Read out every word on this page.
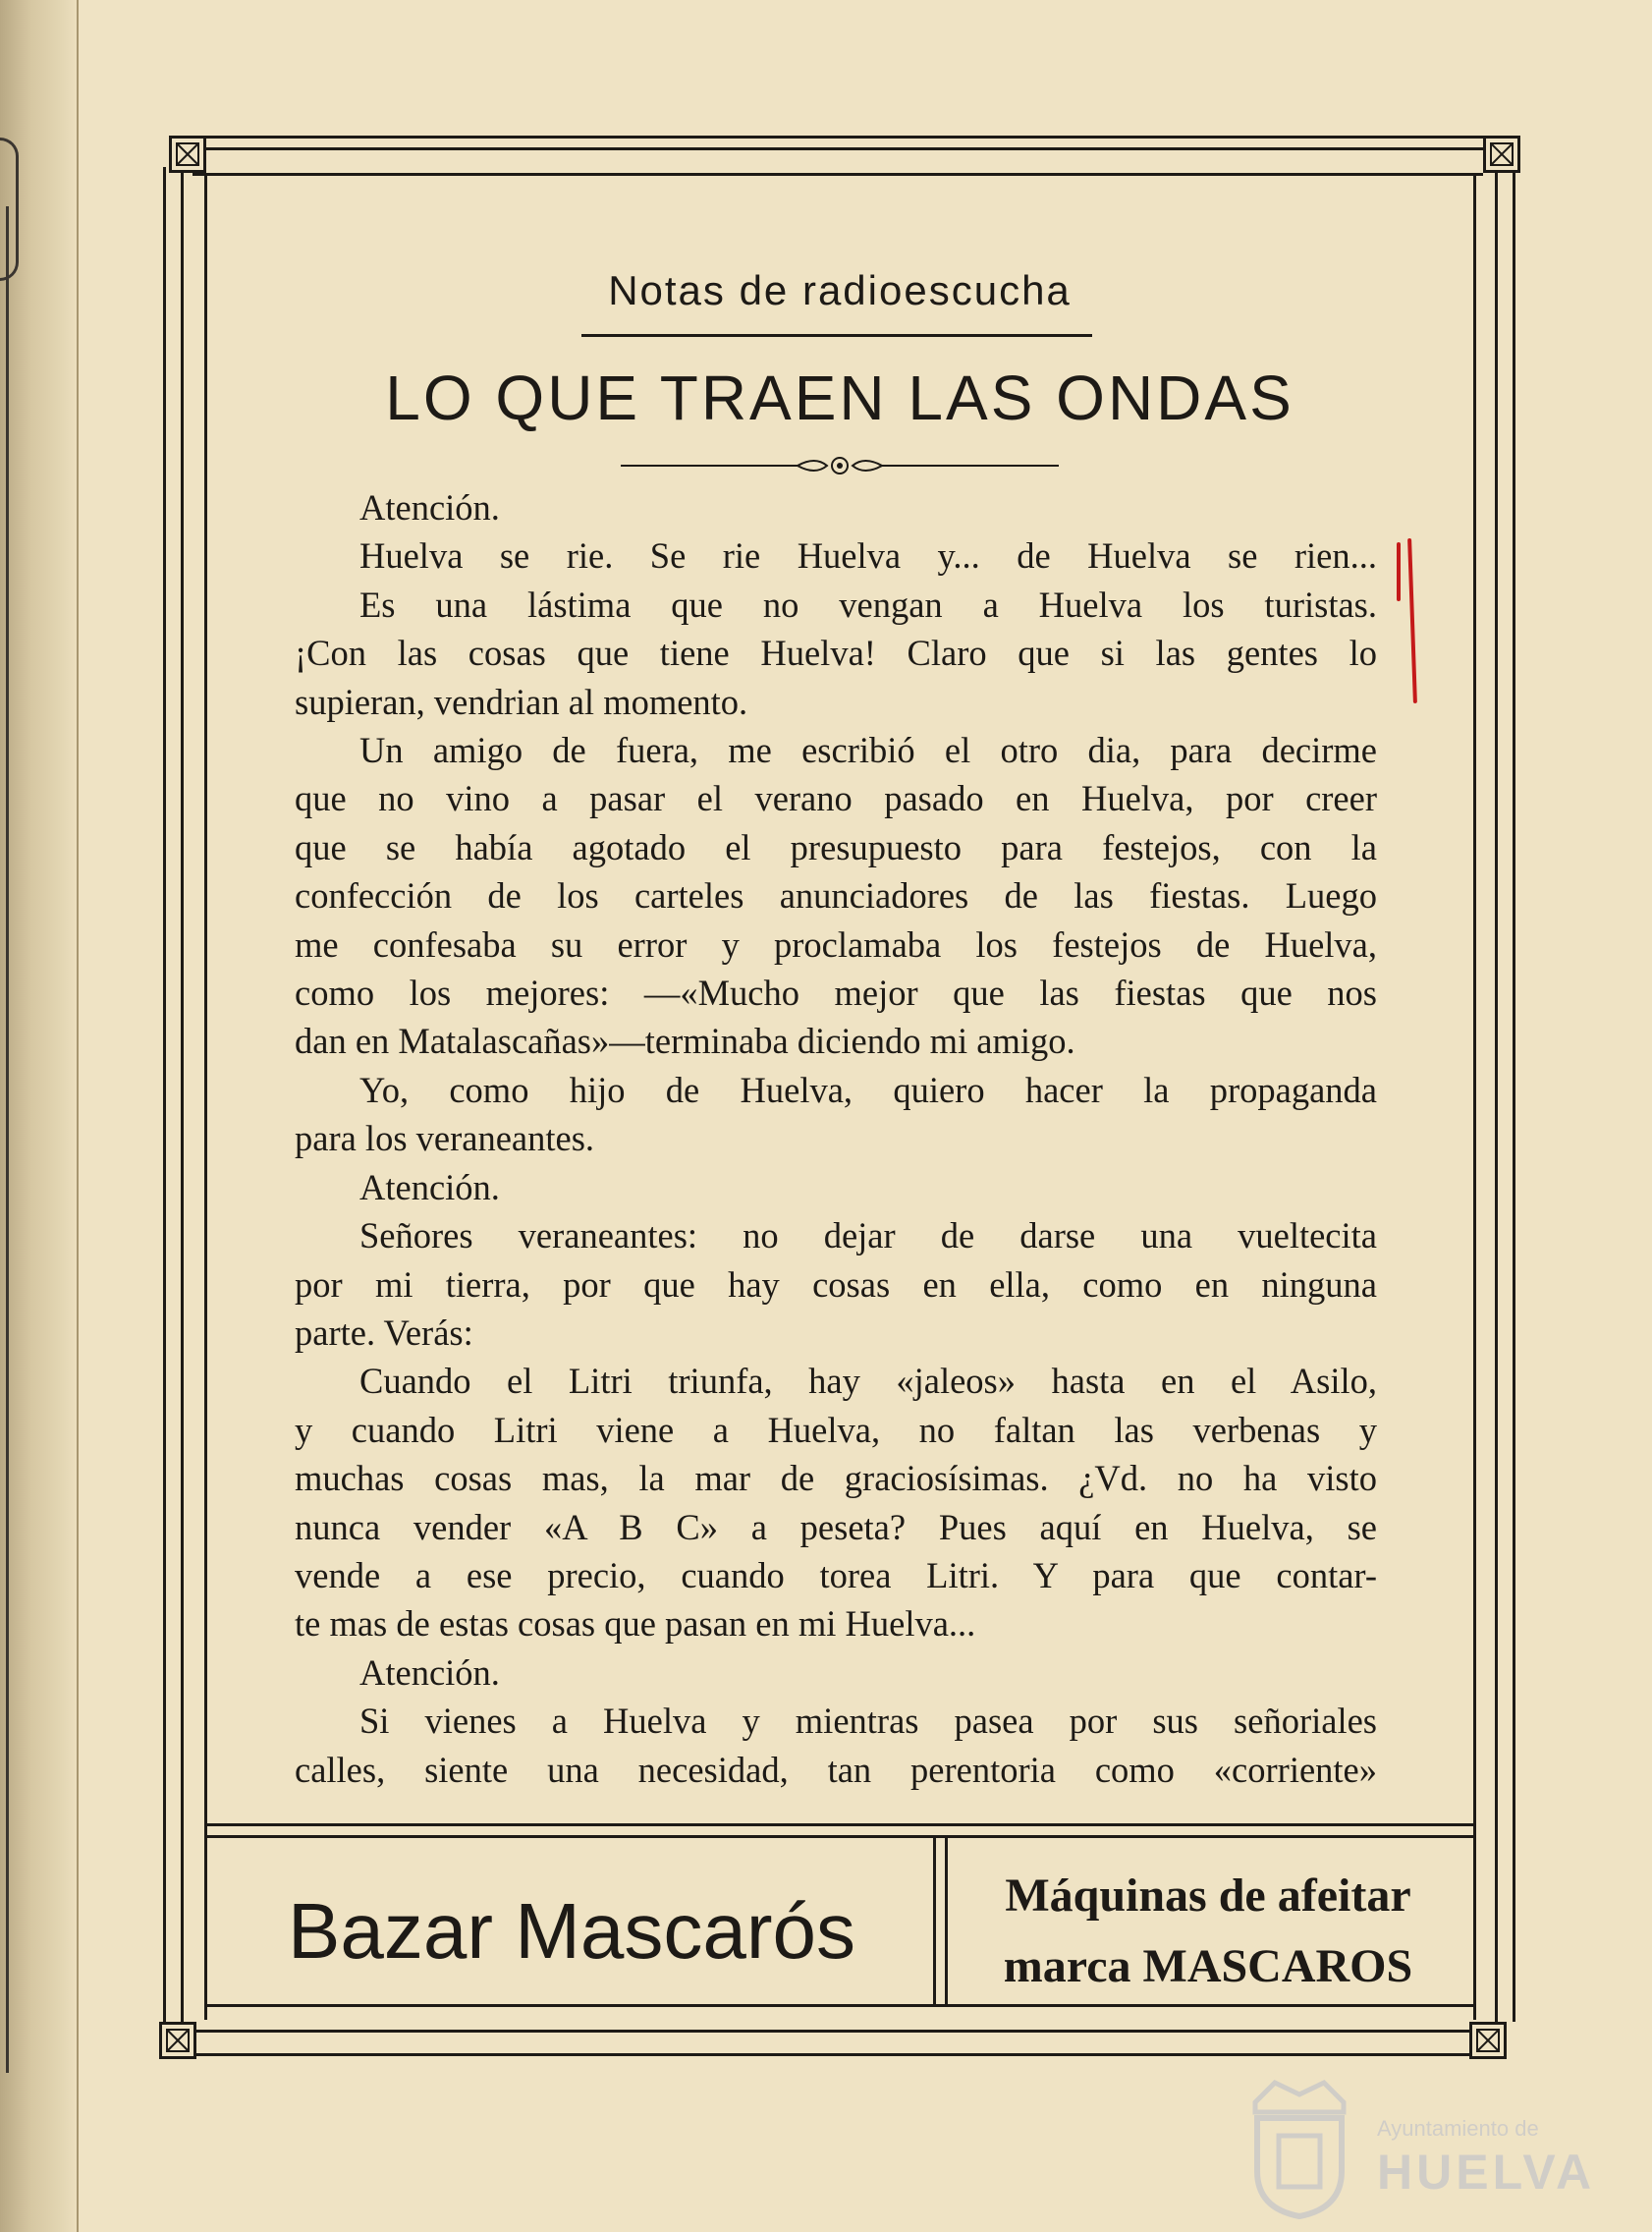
Notas de radioescucha
LO QUE TRAEN LAS ONDAS
Atención.
Huelva se rie. Se rie Huelva y... de Huelva se rien...
Es una lástima que no vengan a Huelva los turistas.
¡Con las cosas que tiene Huelva! Claro que si las gentes lo
supieran, vendrian al momento.
Un amigo de fuera, me escribió el otro dia, para decirme
que no vino a pasar el verano pasado en Huelva, por creer
que se había agotado el presupuesto para festejos, con la
confección de los carteles anunciadores de las fiestas. Luego
me confesaba su error y proclamaba los festejos de Huelva,
como los mejores: —«Mucho mejor que las fiestas que nos
dan en Matalascañas»—terminaba diciendo mi amigo.
Yo, como hijo de Huelva, quiero hacer la propaganda
para los veraneantes.
Atención.
Señores veraneantes: no dejar de darse una vueltecita
por mi tierra, por que hay cosas en ella, como en ninguna
parte. Verás:
Cuando el Litri triunfa, hay «jaleos» hasta en el Asilo,
y cuando Litri viene a Huelva, no faltan las verbenas y
muchas cosas mas, la mar de graciosísimas. ¿Vd. no ha visto
nunca vender «A B C» a peseta? Pues aquí en Huelva, se
vende a ese precio, cuando torea Litri. Y para que contar-
te mas de estas cosas que pasan en mi Huelva...
Atención.
Si vienes a Huelva y mientras pasea por sus señoriales
calles, siente una necesidad, tan perentoria como «corriente»
Bazar Mascarós	Máquinas de afeitar
marca MASCAROS
Ayuntamiento de
HUELVA
